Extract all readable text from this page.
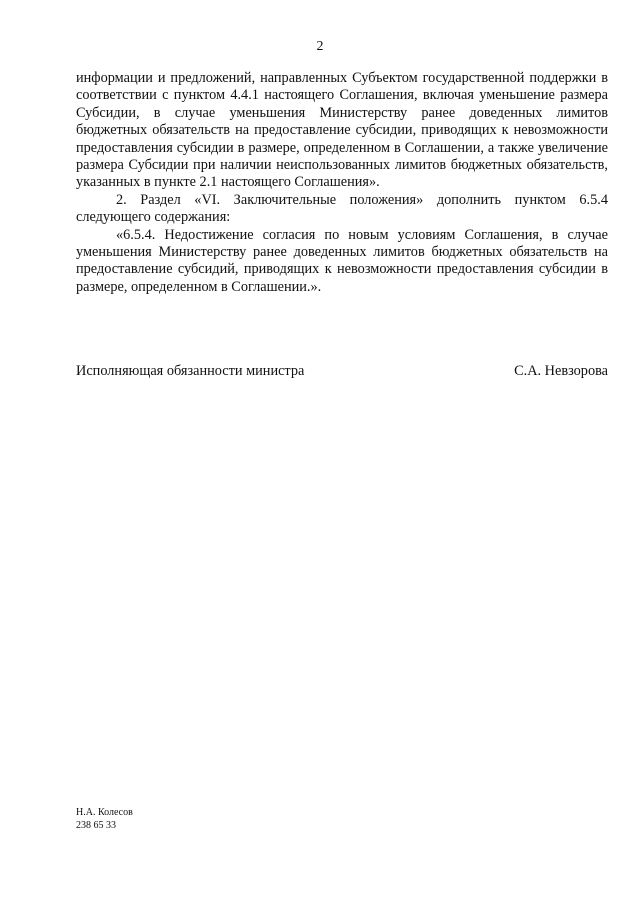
2

информации и предложений, направленных Субъектом государственной поддержки в соответствии с пунктом 4.4.1 настоящего Соглашения, включая уменьшение размера Субсидии, в случае уменьшения Министерству ранее доведенных лимитов бюджетных обязательств на предоставление субсидии, приводящих к невозможности предоставления субсидии в размере, определенном в Соглашении, а также увеличение размера Субсидии при наличии неиспользованных лимитов бюджетных обязательств, указанных в пункте 2.1 настоящего Соглашения».

2. Раздел «VI. Заключительные положения» дополнить пунктом 6.5.4 следующего содержания:

«6.5.4. Недостижение согласия по новым условиям Соглашения, в случае уменьшения Министерству ранее доведенных лимитов бюджетных обязательств на предоставление субсидий, приводящих к невозможности предоставления субсидии в размере, определенном в Соглашении.».

Исполняющая обязанности министра	С.А. Невзорова
Н.А. Колесов
238 65 33
